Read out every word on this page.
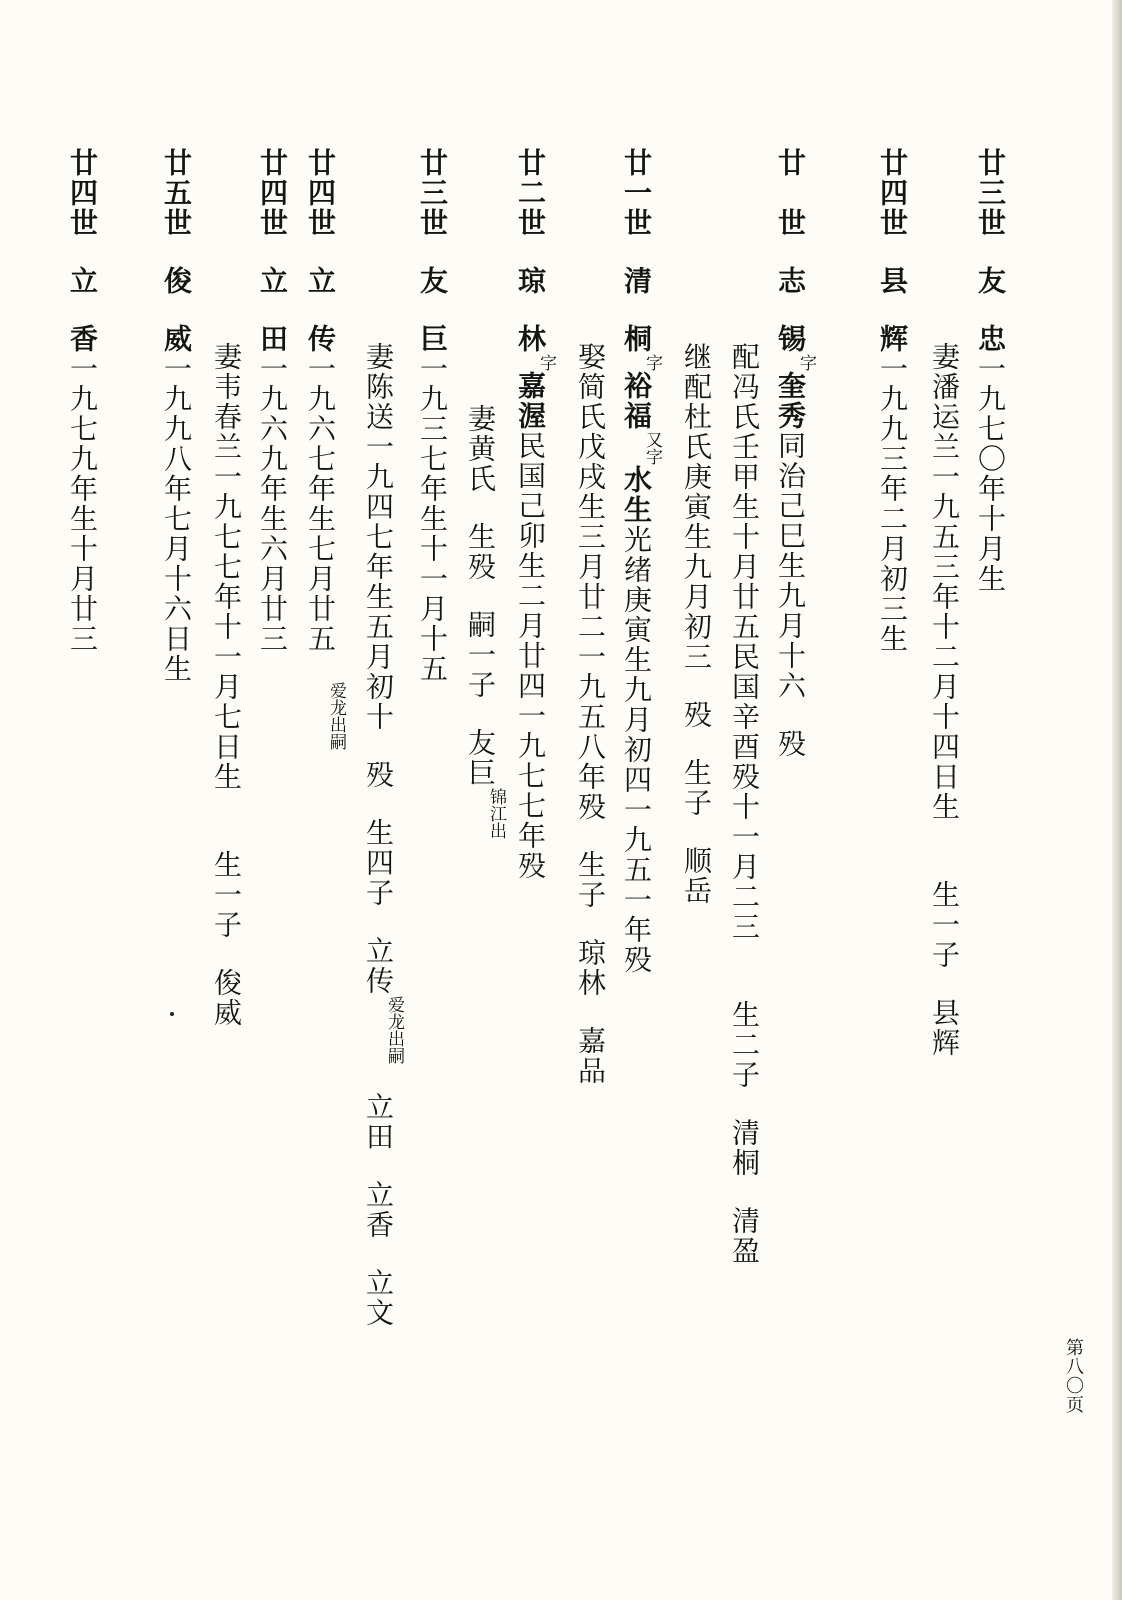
廿三世友忠一九七〇年十月生
妻潘运兰一九五三年十二月十四日生生一子县辉
廿四世县辉一九九三年二月初三生
廿　世志锡字奎秀同治己巳生九月十六殁
配冯氏壬甲生十月廿五民国辛酉殁十一月二三生二子清桐清盈
继配杜氏庚寅生九月初三殁生子顺岳
廿一世清桐字裕福又字水生光绪庚寅生九月初四一九五一年殁
娶简氏戊戌生三月廿二一九五八年殁生子琼林嘉品
廿二世琼林字嘉渥民国己卯生二月廿四一九七七年殁
妻黄氏生殁嗣一子友巨锦江出
廿三世友巨一九三七年生十一月十五
妻陈送一九四七年生五月初十殁生四子立传爱龙出嗣立田立香立文
廿四世立传一九六七年生七月廿五爱龙出嗣
廿四世立田一九六九年生六月廿三
妻韦春兰一九七七年十一月七日生生一子俊威
廿五世俊威一九九八年七月十六日生
廿四世立香一九七九年生十月廿三
第八〇页
